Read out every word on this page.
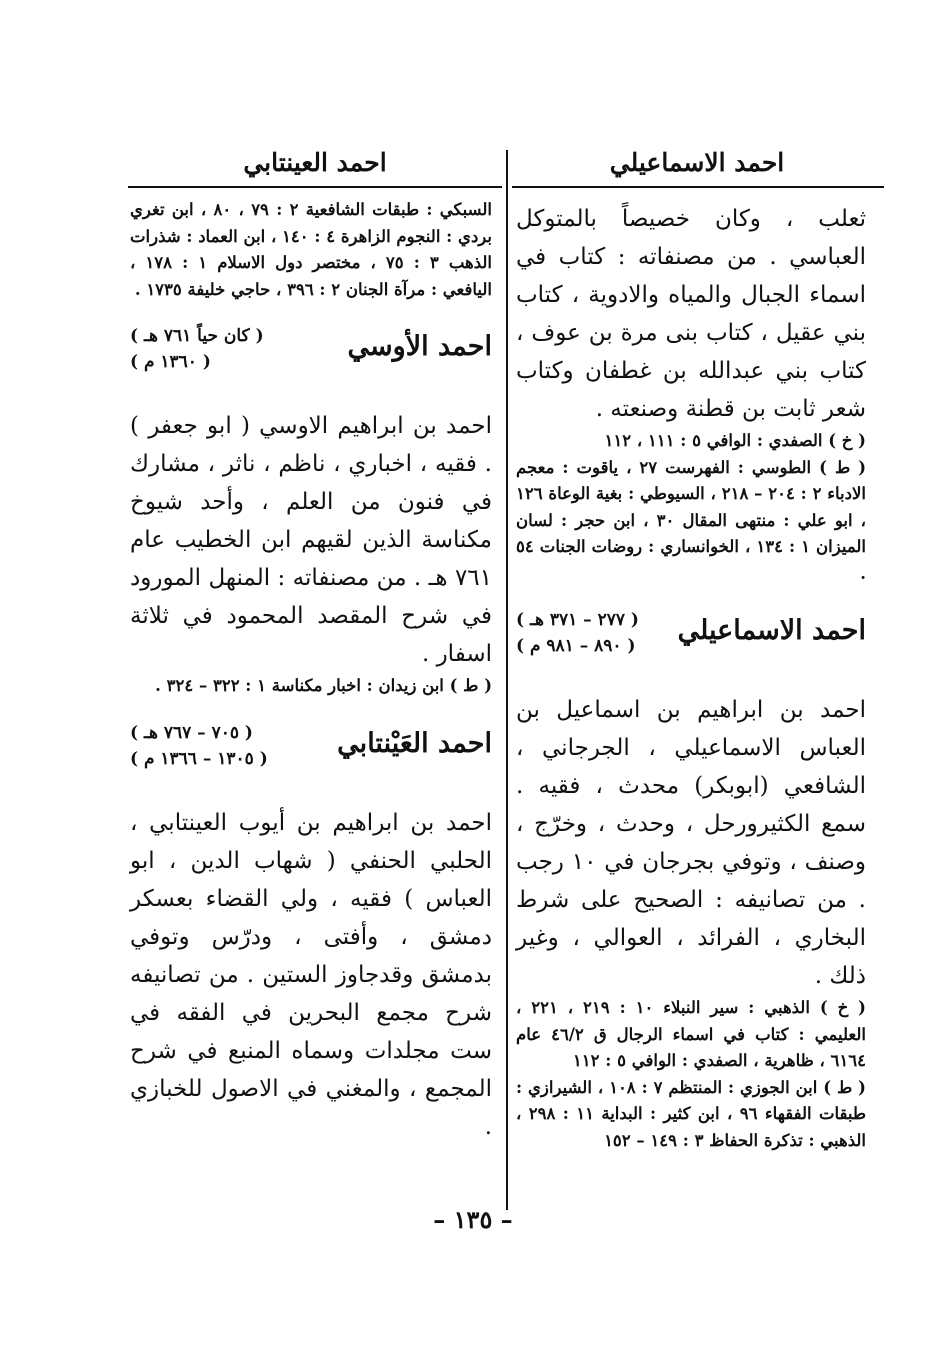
احمد الاسماعيلي
احمد العينتابي

ثعلب ، وكان خصيصاً بالمتوكل العباسي . من مصنفاته : كتاب في اسماء الجبال والمياه والادوية ، كتاب بني عقيل ، كتاب بنى مرة بن عوف ، كتاب بني عبدالله بن غطفان وكتاب شعر ثابت بن قطنة وصنعته .

( خ ) الصفدي : الوافي ٥ : ١١١ ، ١١٢

( ط ) الطوسي : الفهرست ٢٧ ، ياقوت : معجم الادباء ٢ : ٢٠٤ – ٢١٨ ، السيوطي : بغية الوعاة ١٢٦ ، ابو علي : منتهى المقال ٣٠ ، ابن حجر : لسان الميزان ١ : ١٣٤ ، الخوانساري : روضات الجنات ٥٤ .

احمد الاسماعيلي
( ٢٧٧ – ٣٧١ هـ )
( ٨٩٠ – ٩٨١ م )

احمد بن ابراهيم بن اسماعيل بن العباس الاسماعيلي ، الجرجاني ، الشافعي (ابوبكر) محدث ، فقيه . سمع الكثيرورحل ، وحدث ، وخرّج ، وصنف ، وتوفي بجرجان في ١٠ رجب . من تصانيفه : الصحيح على شرط البخاري ، الفرائد ، العوالي ، وغير ذلك .

( خ ) الذهبي : سير النبلاء ١٠ : ٢١٩ ، ٢٢١ ، العليمي : كتاب في اسماء الرجال ق ٤٦/٢ عام ٦١٦٤ ، ظاهرية ، الصفدي : الوافي ٥ : ١١٢

( ط ) ابن الجوزي : المنتظم ٧ : ١٠٨ ، الشيرازي : طبقات الفقهاء ٩٦ ، ابن كثير : البداية ١١ : ٢٩٨ ، الذهبي : تذكرة الحفاظ ٣ : ١٤٩ – ١٥٢

السبكي : طبقات الشافعية ٢ : ٧٩ ، ٨٠ ، ابن تغري بردي : النجوم الزاهرة ٤ : ١٤٠ ، ابن العماد : شذرات الذهب ٣ : ٧٥ ، مختصر دول الاسلام ١ : ١٧٨ ، اليافعي : مرآة الجنان ٢ : ٣٩٦ ، حاجي خليفة ١٧٣٥ .

احمد الأوسي
( كان حياً ٧٦١ هـ )
( ١٣٦٠ م )

احمد بن ابراهيم الاوسي ( ابو جعفر ) . فقيه ، اخباري ، ناظم ، ناثر ، مشارك في فنون من العلم ، وأحد شيوخ مكناسة الذين لقيهم ابن الخطيب عام ٧٦١ هـ . من مصنفاته : المنهل المورود في شرح المقصد المحمود في ثلاثة اسفار .

( ط ) ابن زيدان : اخبار مكناسة ١ : ٣٢٢ – ٣٢٤ .

احمد العَيْنتابي
( ٧٠٥ – ٧٦٧ هـ )
( ١٣٠٥ – ١٣٦٦ م )

احمد بن ابراهيم بن أيوب العينتابي ، الحلبي الحنفي ( شهاب الدين ، ابو العباس ) فقيه ، ولي القضاء بعسكر دمشق ، وأفتى ، ودرّس وتوفي بدمشق وقدجاوز الستين . من تصانيفه شرح مجمع البحرين في الفقه في ست مجلدات وسماه المنبع في شرح المجمع ، والمغني في الاصول للخبازي .

– ١٣٥ –
